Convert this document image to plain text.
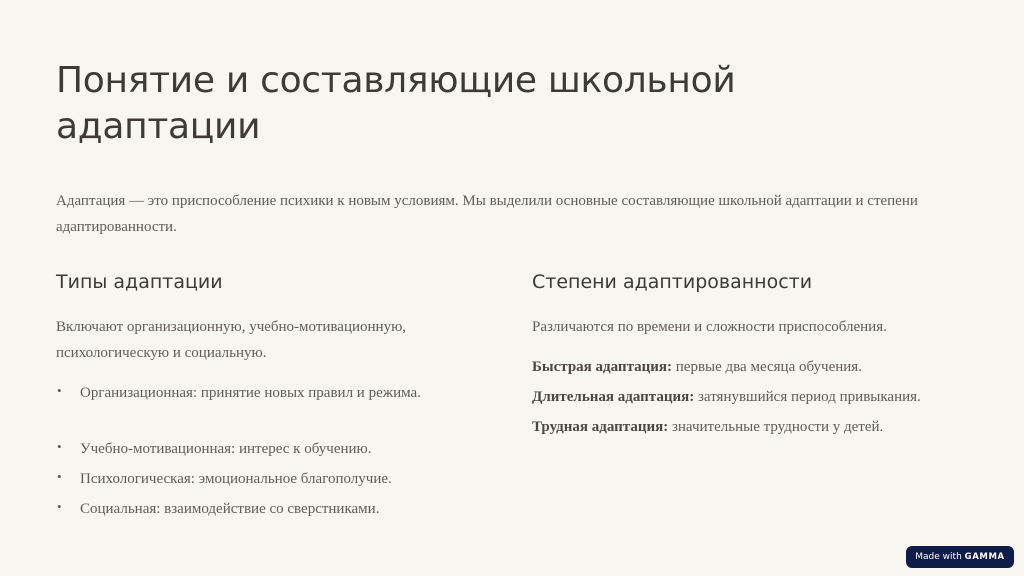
Понятие и составляющие школьной адаптации

Адаптация — это приспособление психики к новым условиям. Мы выделили основные составляющие школьной адаптации и степени адаптированности.

Типы адаптации

Включают организационную, учебно-мотивационную, психологическую и социальную.

• Организационная: принятие новых правил и режима.
• Учебно-мотивационная: интерес к обучению.
• Психологическая: эмоциональное благополучие.
• Социальная: взаимодействие со сверстниками.
Степени адаптированности

Различаются по времени и сложности приспособления.

Быстрая адаптация: первые два месяца обучения.

Длительная адаптация: затянувшийся период привыкания.

Трудная адаптация: значительные трудности у детей.

Made with GAMMA
